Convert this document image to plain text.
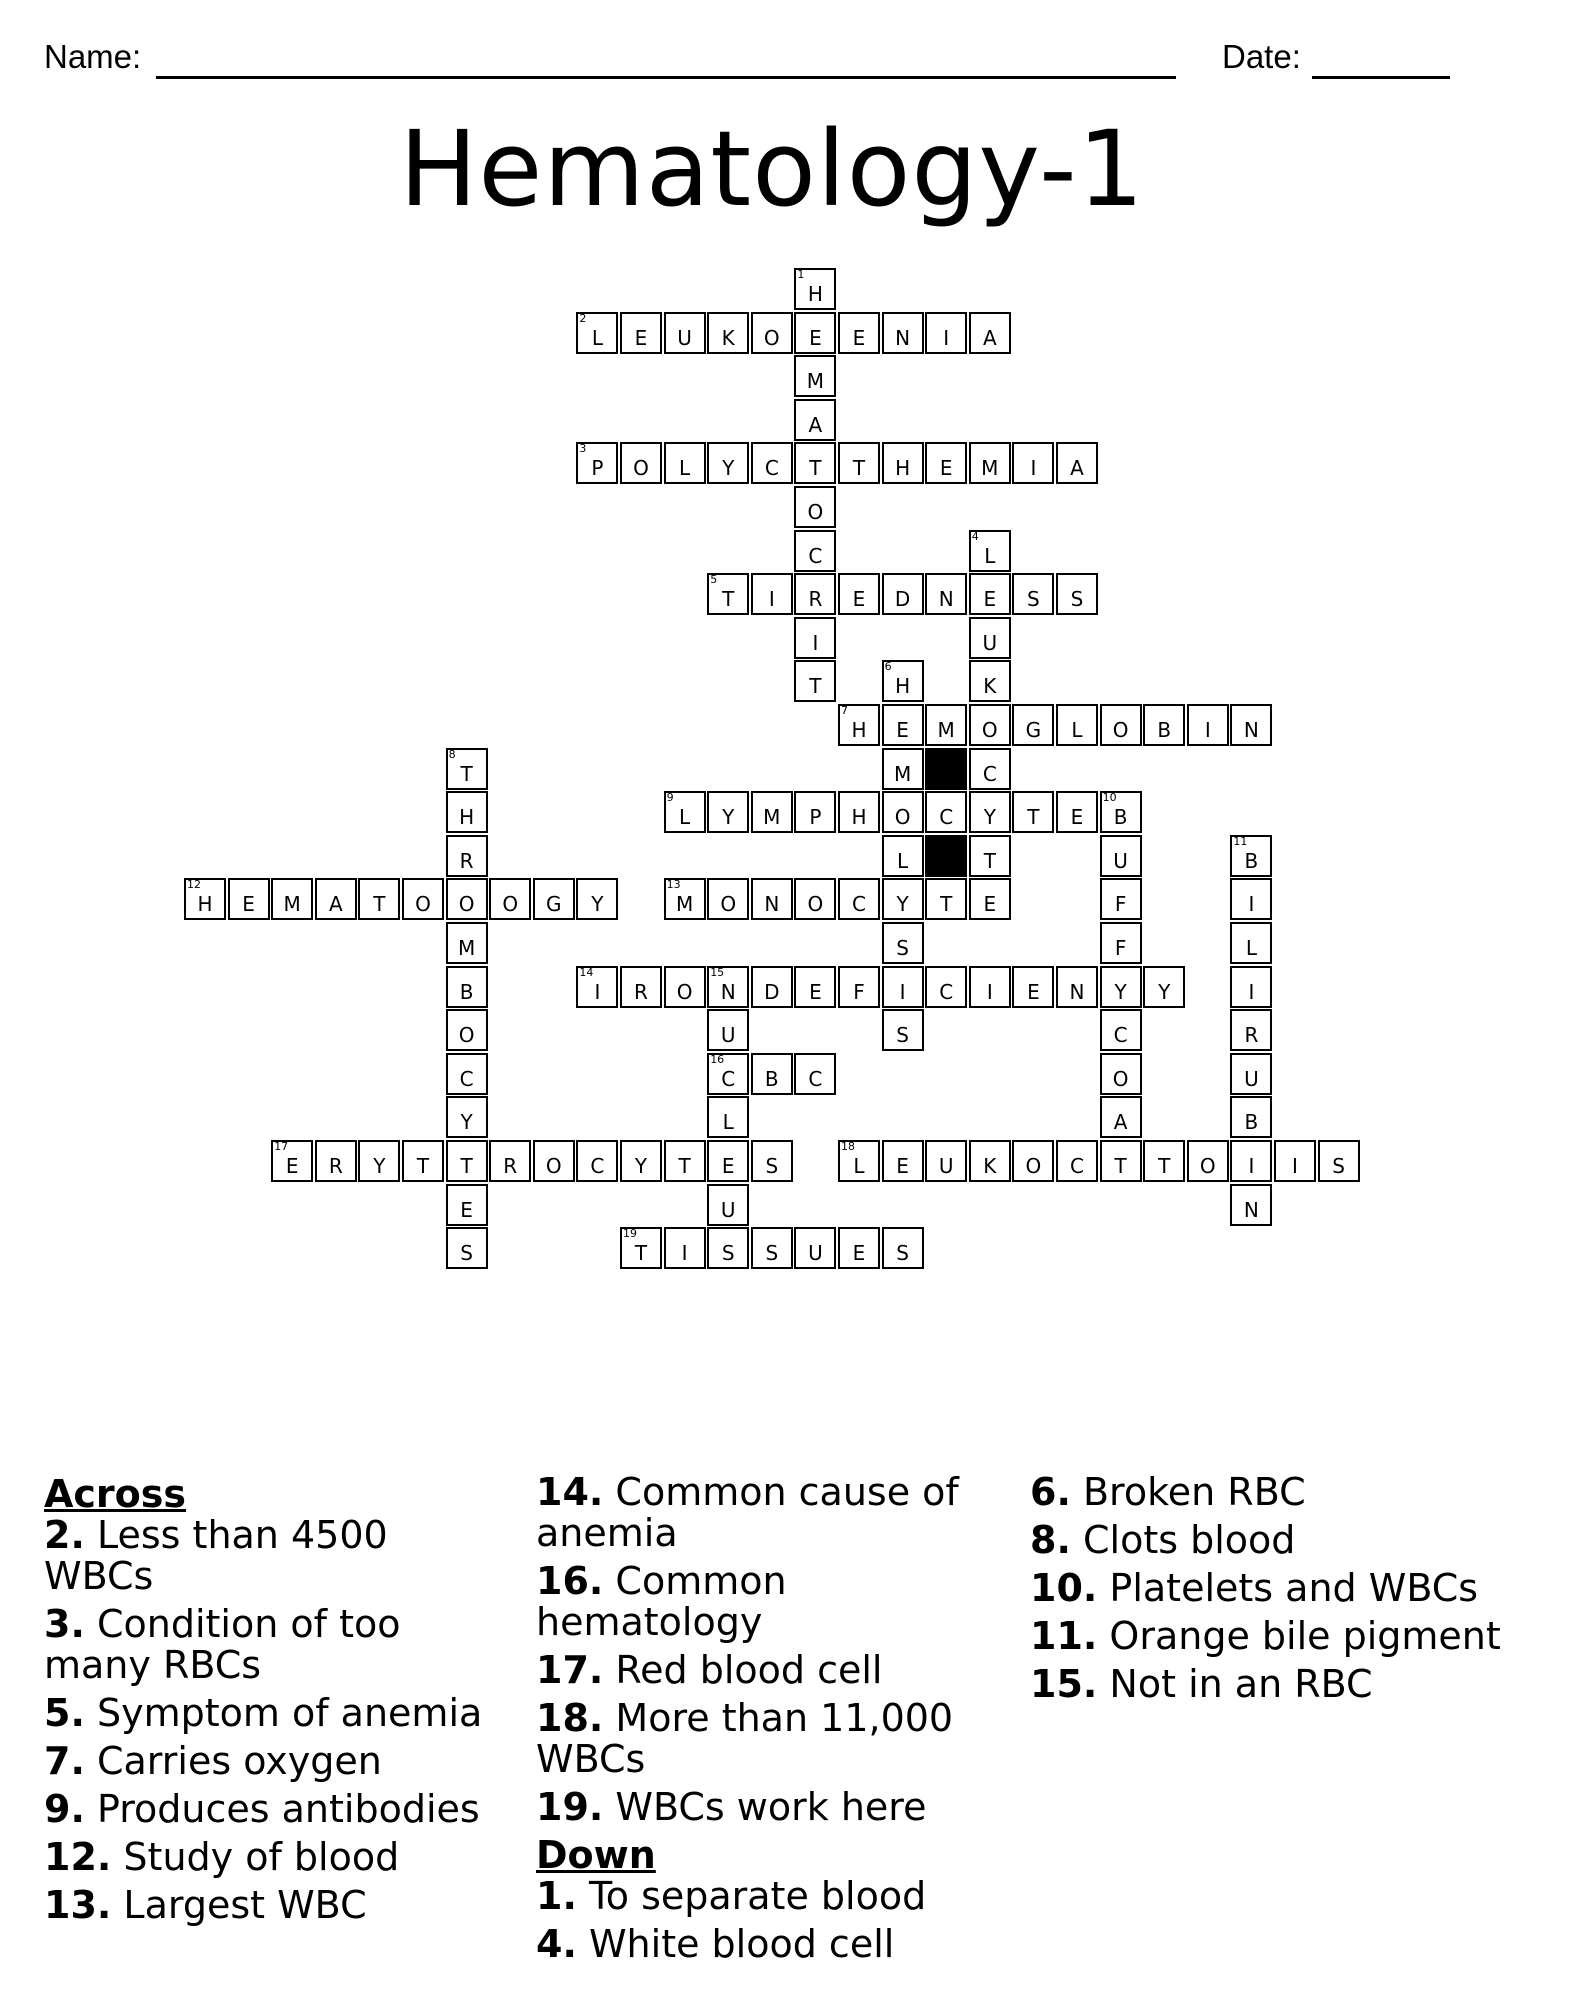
Name:	Date:
Hematology-1
1
H
E
M
A
T
O
C
R
I
T
2
L	E	U	K	O	E	N	I	A
3
P	O	L	Y	C	T	H	E	M	I	A
4
L
E
U
K
O
C
Y
T
E
5
T	I	E	D	N	S	S
6
H
E
M
O
L
Y
S
I
S
7
H	M	G	L	O	B	I	N
8
T
H
R
O
M
B
O
C
Y
T
E
S
9
L	Y	M	P	H	C	T	E
10
B
U
F
F
Y
C
O
A
T
11
B
I
L
I
R
U
B
I
N
12
H	E	M	A	T	O	O	G	Y
13
M	O	N	O	C	T
14
I	R	O
15
N	D	E	F	C	I	E	N	Y
U
16
C
L
E
U
S
B	C
17
E	R	Y	T	R	O	C	Y	T	S
18
L	E	U	K	O	C	T	O	I	S
19
T	I	S	U	E	S
Across
2. Less than 4500 WBCs
3. Condition of too many RBCs
5. Symptom of anemia
7. Carries oxygen
9. Produces antibodies
12. Study of blood
13. Largest WBC
14. Common cause of anemia
16. Common hematology
17. Red blood cell
18. More than 11,000 WBCs
19. WBCs work here
Down
1. To separate blood
4. White blood cell
6. Broken RBC
8. Clots blood
10. Platelets and WBCs
11. Orange bile pigment
15. Not in an RBC
